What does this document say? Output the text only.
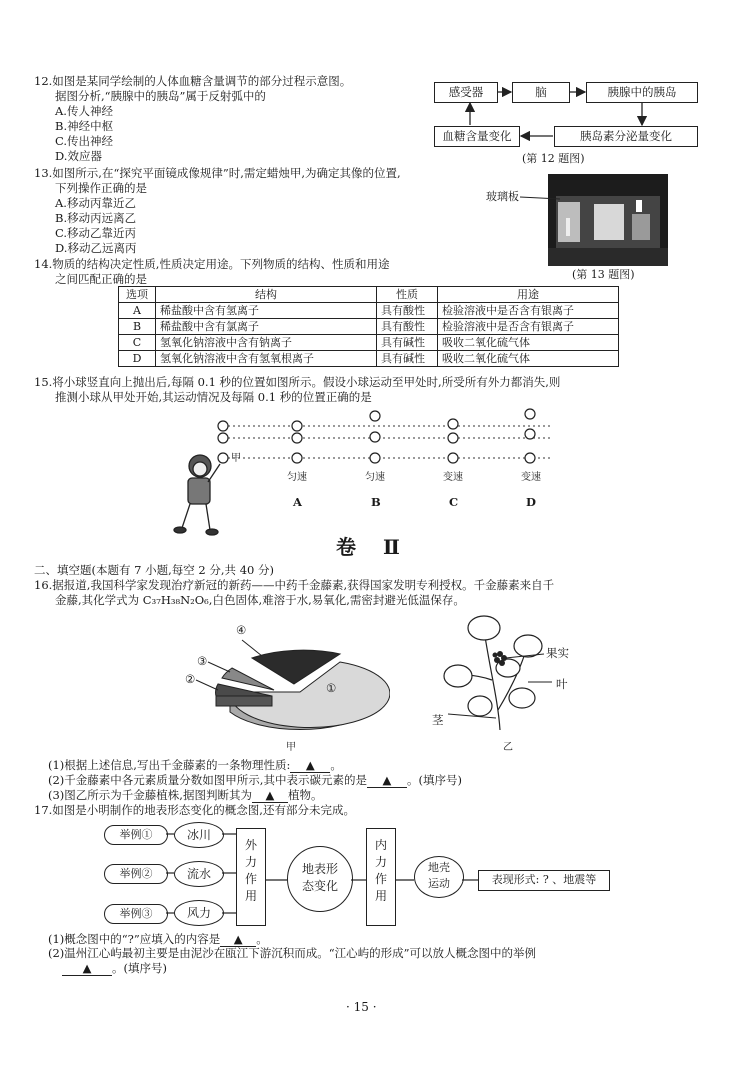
12.如图是某同学绘制的人体血糖含量调节的部分过程示意图。
据图分析,“胰腺中的胰岛”属于反射弧中的
A.传人神经
B.神经中枢
C.传出神经
D.效应器
感受器	脑	胰腺中的胰岛
血糖含量变化	胰岛素分泌量变化
(第 12 题图)
13.如图所示,在“探究平面镜成像规律”时,需定蜡烛甲,为确定其像的位置,
下列操作正确的是
A.移动丙靠近乙
B.移动丙远离乙
C.移动乙靠近丙
D.移动乙远离丙
玻璃板
(第 13 题图)
14.物质的结构决定性质,性质决定用途。下列物质的结构、性质和用途
之间匹配正确的是
选项	结构	性质	用途
A	稀盐酸中含有氢离子	具有酸性	检验溶液中是否含有银离子
B	稀盐酸中含有氯离子	具有酸性	检验溶液中是否含有银离子
C	氢氧化钠溶液中含有钠离子	具有碱性	吸收二氧化硫气体
D	氢氧化钠溶液中含有氢氧根离子	具有碱性	吸收二氧化硫气体
15.将小球竖直向上抛出后,每隔 0.1 秒的位置如图所示。假设小球运动至甲处时,所受所有外力都消失,则
推测小球从甲处开始,其运动情况及每隔 0.1 秒的位置正确的是
甲
匀速	匀速	变速	变速
A	B	C	D
卷 Ⅱ
二、填空题(本题有 7 小题,每空 2 分,共 40 分)
16.据报道,我国科学家发现治疗新冠的新药——中药千金藤素,获得国家发明专利授权。千金藤素来自千
金藤,其化学式为 C₃₇H₃₈N₂O₆,白色固体,难溶于水,易氧化,需密封避光低温保存。
④
③
②
①
甲
果实
叶
茎
乙
(1)根据上述信息,写出千金藤素的一条物理性质: ▲ 。
(2)千金藤素中各元素质量分数如图甲所示,其中表示碳元素的是 ▲ 。(填序号)
(3)图乙所示为千金藤植株,据图判断其为 ▲ 植物。
17.如图是小明制作的地表形态变化的概念图,还有部分未完成。
举例①
举例②
举例③
冰川
流水
风力
外力作用
地表形态变化
内力作用
地壳运动	表现形式: ? 、地震等
(1)概念图中的“?”应填入的内容是 ▲ 。
(2)温州江心屿最初主要是由泥沙在瓯江下游沉积而成。“江心屿的形成”可以放人概念图中的举例
▲ 。(填序号)
· 15 ·
